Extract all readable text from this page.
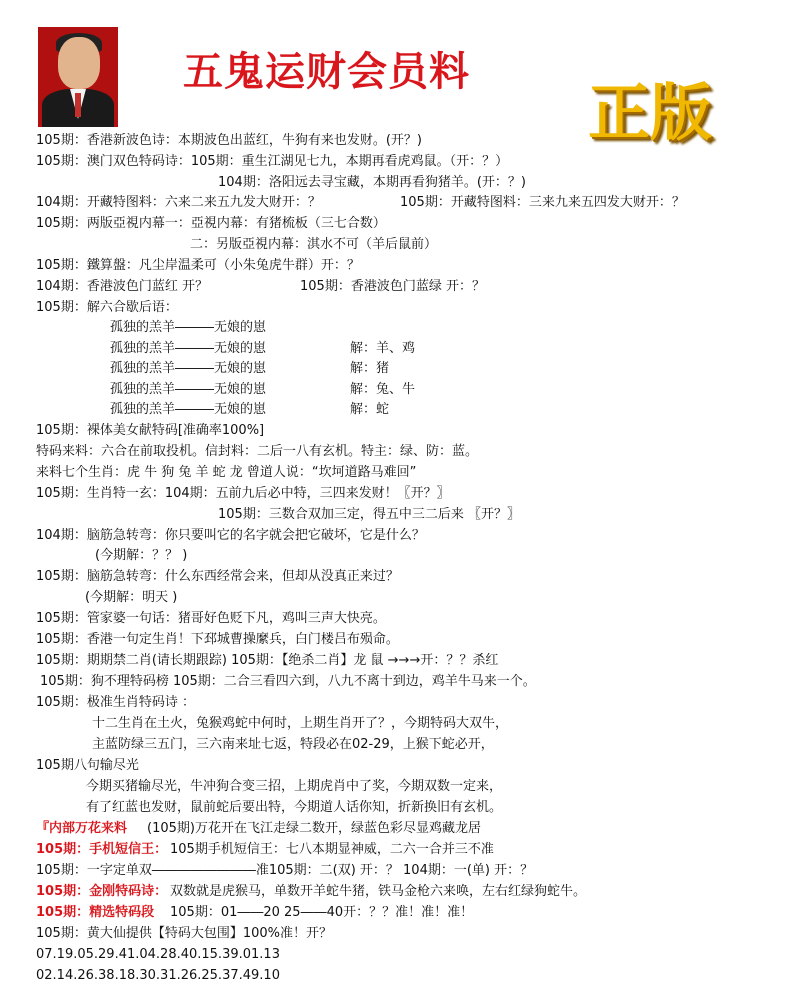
五鬼运财会员料
正版
105期：香港新波色诗：本期波色出蓝红，牛狗有来也发财。(开？)
105期：澳门双色特码诗：105期：重生江湖见七九，本期再看虎鸡鼠。（开：？）
104期：洛阳远去寻宝藏，本期再看狗猪羊。(开：？)
104期：开藏特图料：六来二来五九发大财开：？	105期：开藏特图料：三来九来五四发大财开：？
105期：两版亞視内幕一：亞視内幕：有猪梳板（三七合数）
二：另版亞視内幕：淇水不可（羊后鼠前）
105期：鐵算盤：凡尘岸温柔可（小朱兔虎牛群）开：？
104期：香港波色门蓝红 开？	105期：香港波色门蓝绿 开：？
105期：解六合歇后语：
孤独的羔羊―――无娘的崽
孤独的羔羊―――无娘的崽	解：羊、鸡
孤独的羔羊―――无娘的崽	解：猪
孤独的羔羊―――无娘的崽	解：兔、牛
孤独的羔羊―――无娘的崽	解：蛇
105期：裸体美女献特码[准确率100%]
特码来料：六合在前取投机。信封料：二后一八有玄机。特主：绿、防：蓝。
来料七个生肖：虎 牛 狗 兔 羊 蛇 龙 曾道人说：“坎坷道路马难回”
105期：生肖特一玄：104期：五前九后必中特，三四来发财！〖开？〗
105期：三数合双加三定，得五中三二后来 〖开？〗
104期：脑筋急转弯：你只要叫它的名字就会把它破坏，它是什么？
(今期解：？？ )
105期：脑筋急转弯：什么东西经常会来，但却从没真正来过？
(今期解：明天 )
105期：管家婆一句话：猪哥好色贬下凡，鸡叫三声大快亮。
105期：香港一句定生肖！下邳城曹操縻兵，白门楼吕布殒命。
105期：期期禁二肖(请长期跟踪) 105期：【绝杀二肖】龙 鼠 →→→开：？？杀红
105期：狗不理特码榜 105期：二合三看四六到，八九不离十到边，鸡羊牛马来一个。
105期：极准生肖特码诗 ：
十二生肖在土火，兔猴鸡蛇中何时，上期生肖开了？，今期特码大双牛，
主蓝防绿三五门，三六南来址七返，特段必在02-29，上猴下蛇必开，
105期八句输尽光
今期买猪输尽光，牛冲狗合变三招，上期虎肖中了奖，今期双数一定来，
有了红蓝也发财，鼠前蛇后要出特，今期道人话你知，折新换旧有玄机。
『内部万花来料 (105期)万花开在飞江走绿二数开，绿蓝色彩尽显鸡藏龙居
105期：手机短信王： 105期手机短信王：七八本期显神威，二六一合并三不准
105期：一字定单双――――――――准105期：二(双) 开：？ 104期：一(单) 开：？
105期：金刚特码诗： 双数就是虎猴马，单数开羊蛇牛猪，铁马金枪六来唤，左右红绿狗蛇牛。
105期：精选特码段 105期：01――20 25――40开：？？准！准！准！
105期：黄大仙提供【特码大包围】100%准！开？
07.19.05.29.41.04.28.40.15.39.01.13
02.14.26.38.18.30.31.26.25.37.49.10
